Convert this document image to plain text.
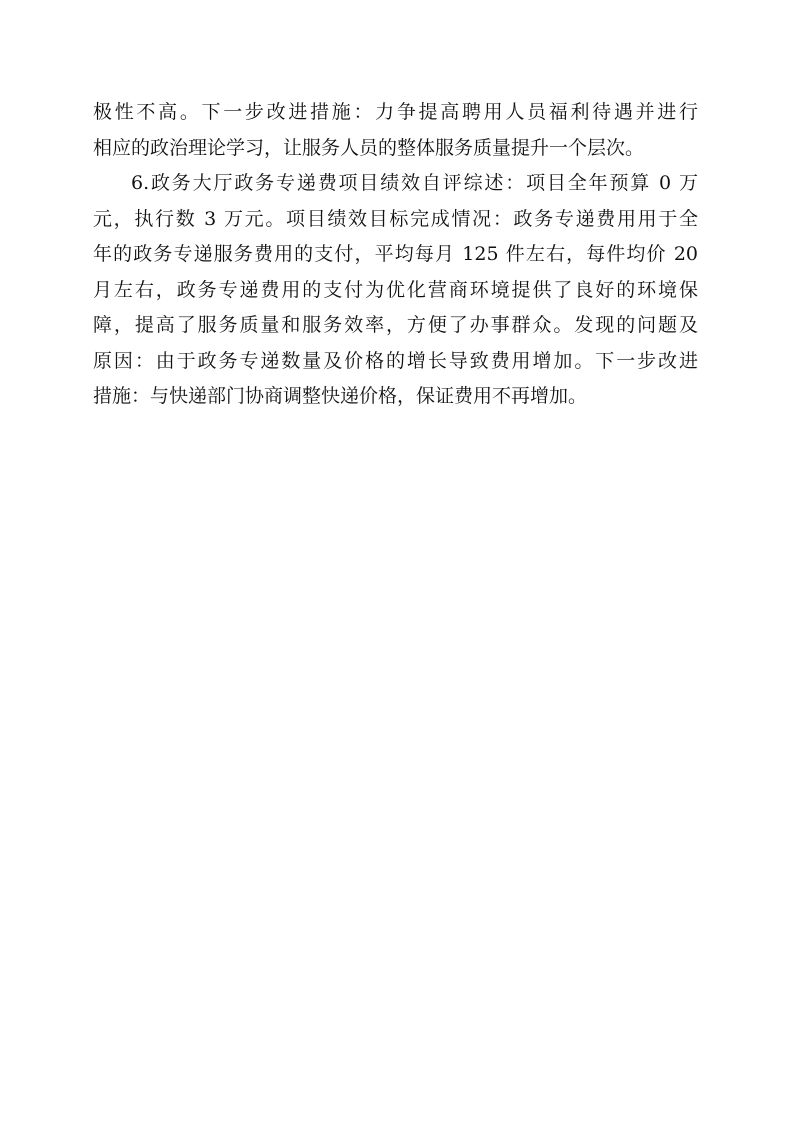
极性不高。下一步改进措施：力争提高聘用人员福利待遇并进行
相应的政治理论学习，让服务人员的整体服务质量提升一个层次。
6.政务大厅政务专递费项目绩效自评综述：项目全年预算 0 万
元，执行数 3 万元。项目绩效目标完成情况：政务专递费用用于全
年的政务专递服务费用的支付，平均每月 125 件左右，每件均价 20
月左右，政务专递费用的支付为优化营商环境提供了良好的环境保
障，提高了服务质量和服务效率，方便了办事群众。发现的问题及
原因：由于政务专递数量及价格的增长导致费用增加。下一步改进
措施：与快递部门协商调整快递价格，保证费用不再增加。
